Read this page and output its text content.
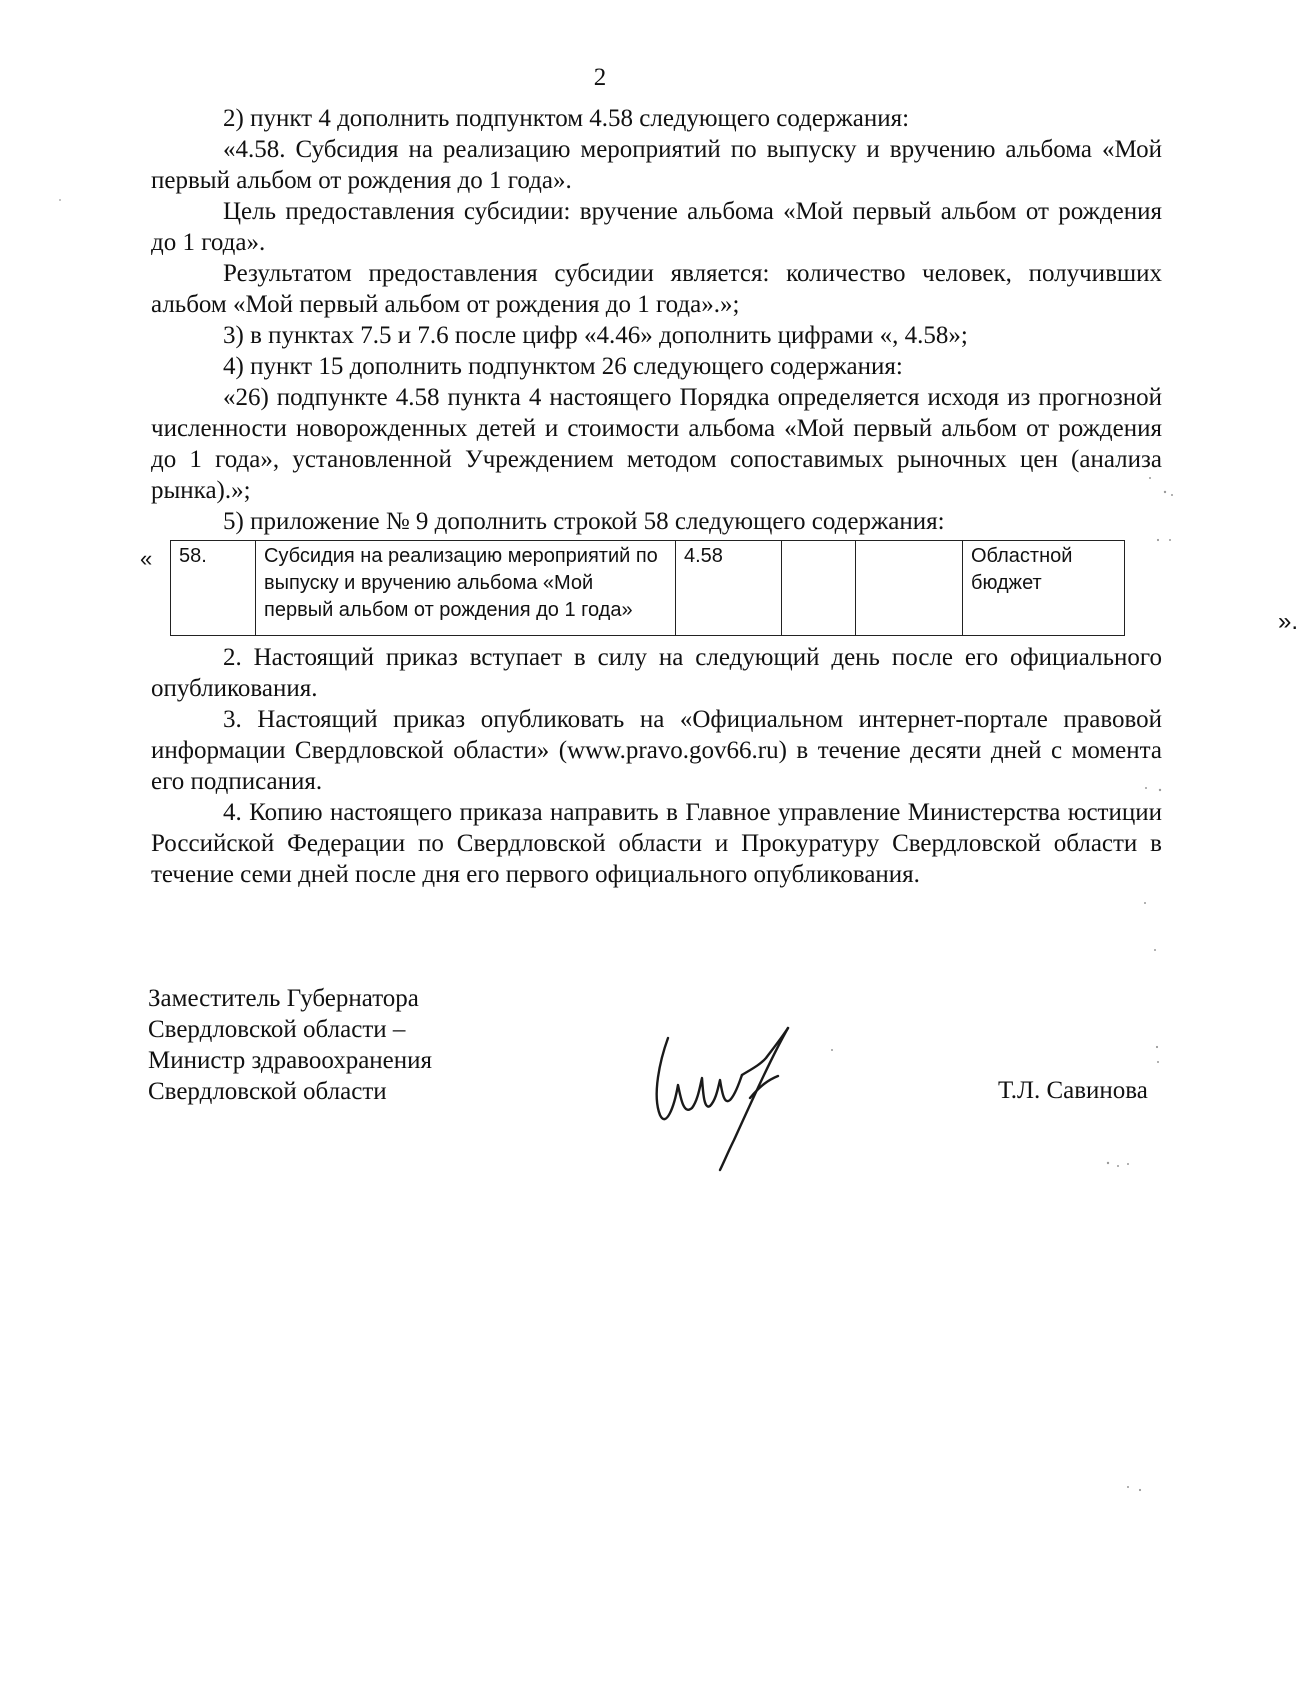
2

2) пункт 4 дополнить подпунктом 4.58 следующего содержания:

«4.58. Субсидия на реализацию мероприятий по выпуску и вручению альбома «Мой первый альбом от рождения до 1 года».

Цель предоставления субсидии: вручение альбома «Мой первый альбом от рождения до 1 года».

Результатом предоставления субсидии является: количество человек, получивших альбом «Мой первый альбом от рождения до 1 года».»;

3) в пунктах 7.5 и 7.6 после цифр «4.46» дополнить цифрами «, 4.58»;

4) пункт 15 дополнить подпунктом 26 следующего содержания:

«26) подпункте 4.58 пункта 4 настоящего Порядка определяется исходя из прогнозной численности новорожденных детей и стоимости альбома «Мой первый альбом от рождения до 1 года», установленной Учреждением методом сопоставимых рыночных цен (анализа рынка).»;

5) приложение № 9 дополнить строкой 58 следующего содержания:

« 58.	Субсидия на реализацию мероприятий по выпуску и вручению альбома «Мой первый альбом от рождения до 1 года»	4.58			Областной бюджет
».

2. Настоящий приказ вступает в силу на следующий день после его официального опубликования.

3. Настоящий приказ опубликовать на «Официальном интернет-портале правовой информации Свердловской области» (www.pravo.gov66.ru) в течение десяти дней с момента его подписания.

4. Копию настоящего приказа направить в Главное управление Министерства юстиции Российской Федерации по Свердловской области и Прокуратуру Свердловской области в течение семи дней после дня его первого официального опубликования.

Заместитель Губернатора
Свердловской области –
Министр здравоохранения
Свердловской области	Т.Л. Савинова
